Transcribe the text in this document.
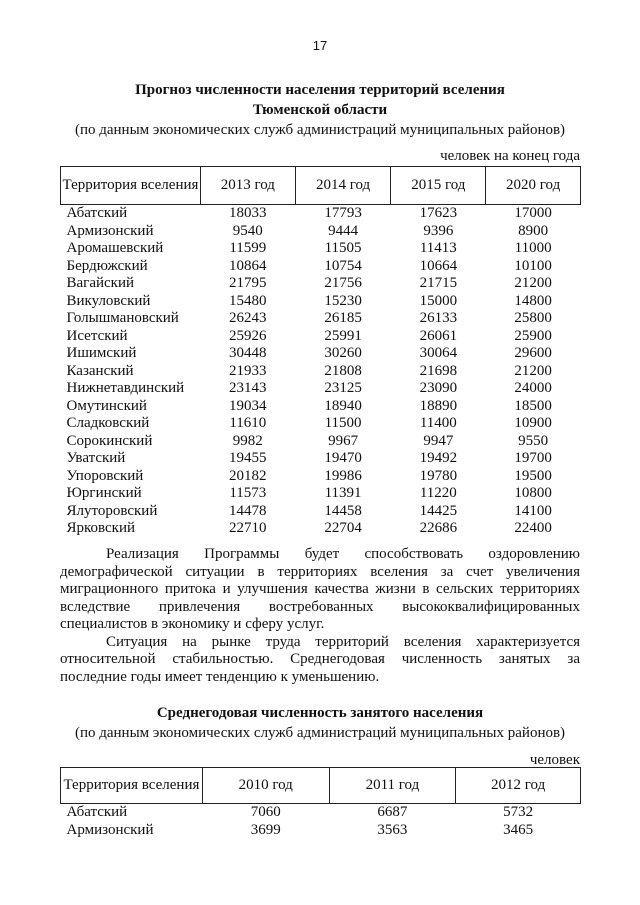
17
Прогноз численности населения территорий вселения
Тюменской области
(по данным экономических служб администраций муниципальных районов)
человек на конец года
Территория вселения	2013 год	2014 год	2015 год	2020 год
Абатский	18033	17793	17623	17000
Армизонский	9540	9444	9396	8900
Аромашевский	11599	11505	11413	11000
Бердюжский	10864	10754	10664	10100
Вагайский	21795	21756	21715	21200
Викуловский	15480	15230	15000	14800
Голышмановский	26243	26185	26133	25800
Исетский	25926	25991	26061	25900
Ишимский	30448	30260	30064	29600
Казанский	21933	21808	21698	21200
Нижнетавдинский	23143	23125	23090	24000
Омутинский	19034	18940	18890	18500
Сладковский	11610	11500	11400	10900
Сорокинский	9982	9967	9947	9550
Уватский	19455	19470	19492	19700
Упоровский	20182	19986	19780	19500
Юргинский	11573	11391	11220	10800
Ялуторовский	14478	14458	14425	14100
Ярковский	22710	22704	22686	22400

Реализация Программы будет способствовать оздоровлению демографической ситуации в территориях вселения за счет увеличения миграционного притока и улучшения качества жизни в сельских территориях вследствие привлечения востребованных высококвалифицированных специалистов в экономику и сферу услуг.

Ситуация на рынке труда территорий вселения характеризуется относительной стабильностью. Среднегодовая численность занятых за последние годы имеет тенденцию к уменьшению.

Среднегодовая численность занятого населения
(по данным экономических служб администраций муниципальных районов)
человек
Территория вселения	2010 год	2011 год	2012 год
Абатский	7060	6687	5732
Армизонский	3699	3563	3465
